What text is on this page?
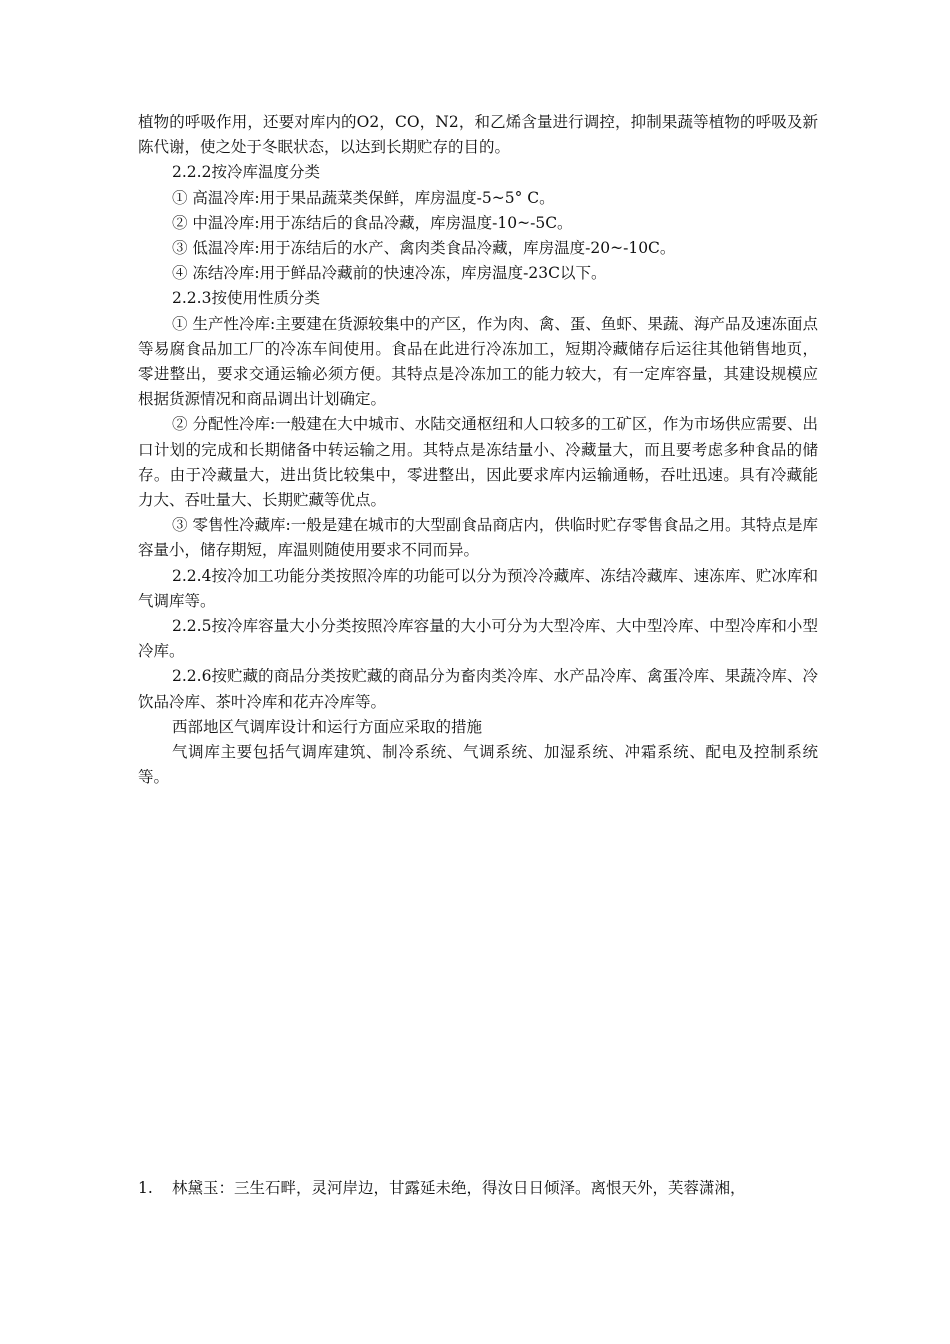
植物的呼吸作用，还要对库内的O2，CO，N2，和乙烯含量进行调控，抑制果蔬等植物的呼吸及新陈代谢，使之处于冬眠状态，以达到长期贮存的目的。

2.2.2按冷库温度分类

① 高温冷库:用于果品蔬菜类保鲜，库房温度-5~5° C。

② 中温冷库:用于冻结后的食品冷藏，库房温度-10~-5C。

③ 低温冷库:用于冻结后的水产、禽肉类食品冷藏，库房温度-20~-10C。

④ 冻结冷库:用于鲜品冷藏前的快速冷冻，库房温度-23C以下。

2.2.3按使用性质分类

① 生产性冷库:主要建在货源较集中的产区，作为肉、禽、蛋、鱼虾、果蔬、海产品及速冻面点等易腐食品加工厂的冷冻车间使用。食品在此进行冷冻加工，短期冷藏储存后运往其他销售地页，零进整出，要求交通运输必须方便。其特点是冷冻加工的能力较大，有一定库容量，其建设规模应根据货源情况和商品调出计划确定。

② 分配性冷库:一般建在大中城市、水陆交通枢纽和人口较多的工矿区，作为市场供应需要、出口计划的完成和长期储备中转运输之用。其特点是冻结量小、冷藏量大，而且要考虑多种食品的储存。由于冷藏量大，进出货比较集中，零进整出，因此要求库内运输通畅，吞吐迅速。具有冷藏能力大、吞吐量大、长期贮藏等优点。

③ 零售性冷藏库:一般是建在城市的大型副食品商店内，供临时贮存零售食品之用。其特点是库容量小，储存期短，库温则随使用要求不同而异。

2.2.4按冷加工功能分类按照冷库的功能可以分为预冷冷藏库、冻结冷藏库、速冻库、贮冰库和气调库等。

2.2.5按冷库容量大小分类按照冷库容量的大小可分为大型冷库、大中型冷库、中型冷库和小型冷库。

2.2.6按贮藏的商品分类按贮藏的商品分为畜肉类冷库、水产品冷库、禽蛋冷库、果蔬冷库、冷饮品冷库、茶叶冷库和花卉冷库等。

西部地区气调库设计和运行方面应采取的措施

气调库主要包括气调库建筑、制冷系统、气调系统、加湿系统、冲霜系统、配电及控制系统等。

1. 林黛玉：三生石畔，灵河岸边，甘露延未绝，得汝日日倾泽。离恨天外，芙蓉潇湘，
